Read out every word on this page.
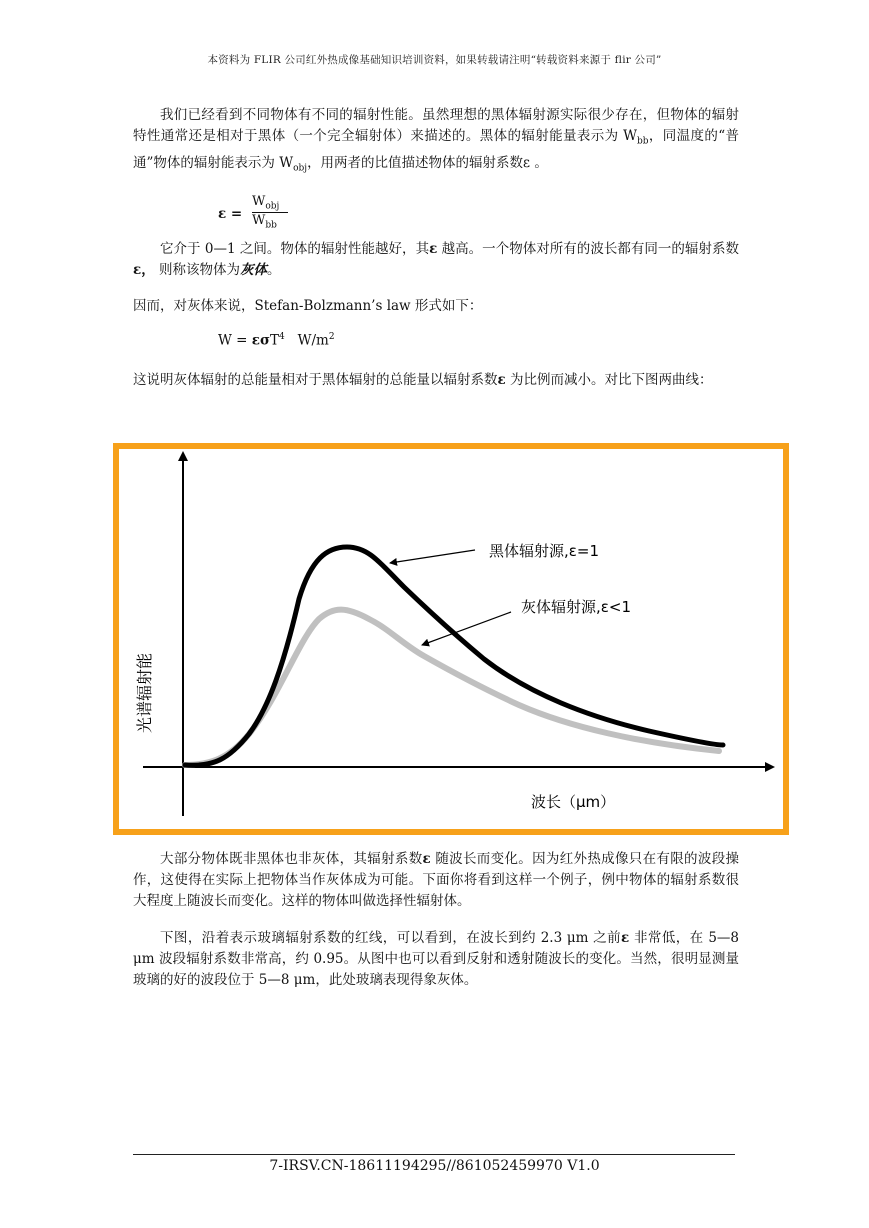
本资料为 FLIR 公司红外热成像基础知识培训资料，如果转载请注明“转载资料来源于 flir 公司”
我们已经看到不同物体有不同的辐射性能。虽然理想的黑体辐射源实际很少存在，但物体的辐射特性通常还是相对于黑体（一个完全辐射体）来描述的。黑体的辐射能量表示为 $W_{bb}$，同温度的“普通”物体的辐射能表示为 $W_{obj}$，用两者的比值描述物体的辐射系数ε 。
ε =
$W_{obj}$
$W_{bb}$
它介于 0—1 之间。物体的辐射性能越好，其ε 越高。一个物体对所有的波长都有同一的辐射系数 ε， 则称该物体为灰体。
因而，对灰体来说，Stefan-Bolzmann’s law 形式如下：
W = εσT$^4$   $W/m^2$
这说明灰体辐射的总能量相对于黑体辐射的总能量以辐射系数ε 为比例而减小。对比下图两曲线：
黑体辐射源,ε=1
灰体辐射源,ε<1
波长（μm）
光谱辐射能
大部分物体既非黑体也非灰体，其辐射系数ε 随波长而变化。因为红外热成像只在有限的波段操作，这使得在实际上把物体当作灰体成为可能。下面你将看到这样一个例子，例中物体的辐射系数很大程度上随波长而变化。这样的物体叫做选择性辐射体。
下图，沿着表示玻璃辐射系数的红线，可以看到，在波长到约 2.3 μm 之前ε 非常低，在 5—8 μm 波段辐射系数非常高，约 0.95。从图中也可以看到反射和透射随波长的变化。当然，很明显测量玻璃的好的波段位于 5—8 μm，此处玻璃表现得象灰体。
7-IRSV.CN-18611194295//861052459970 V1.0
